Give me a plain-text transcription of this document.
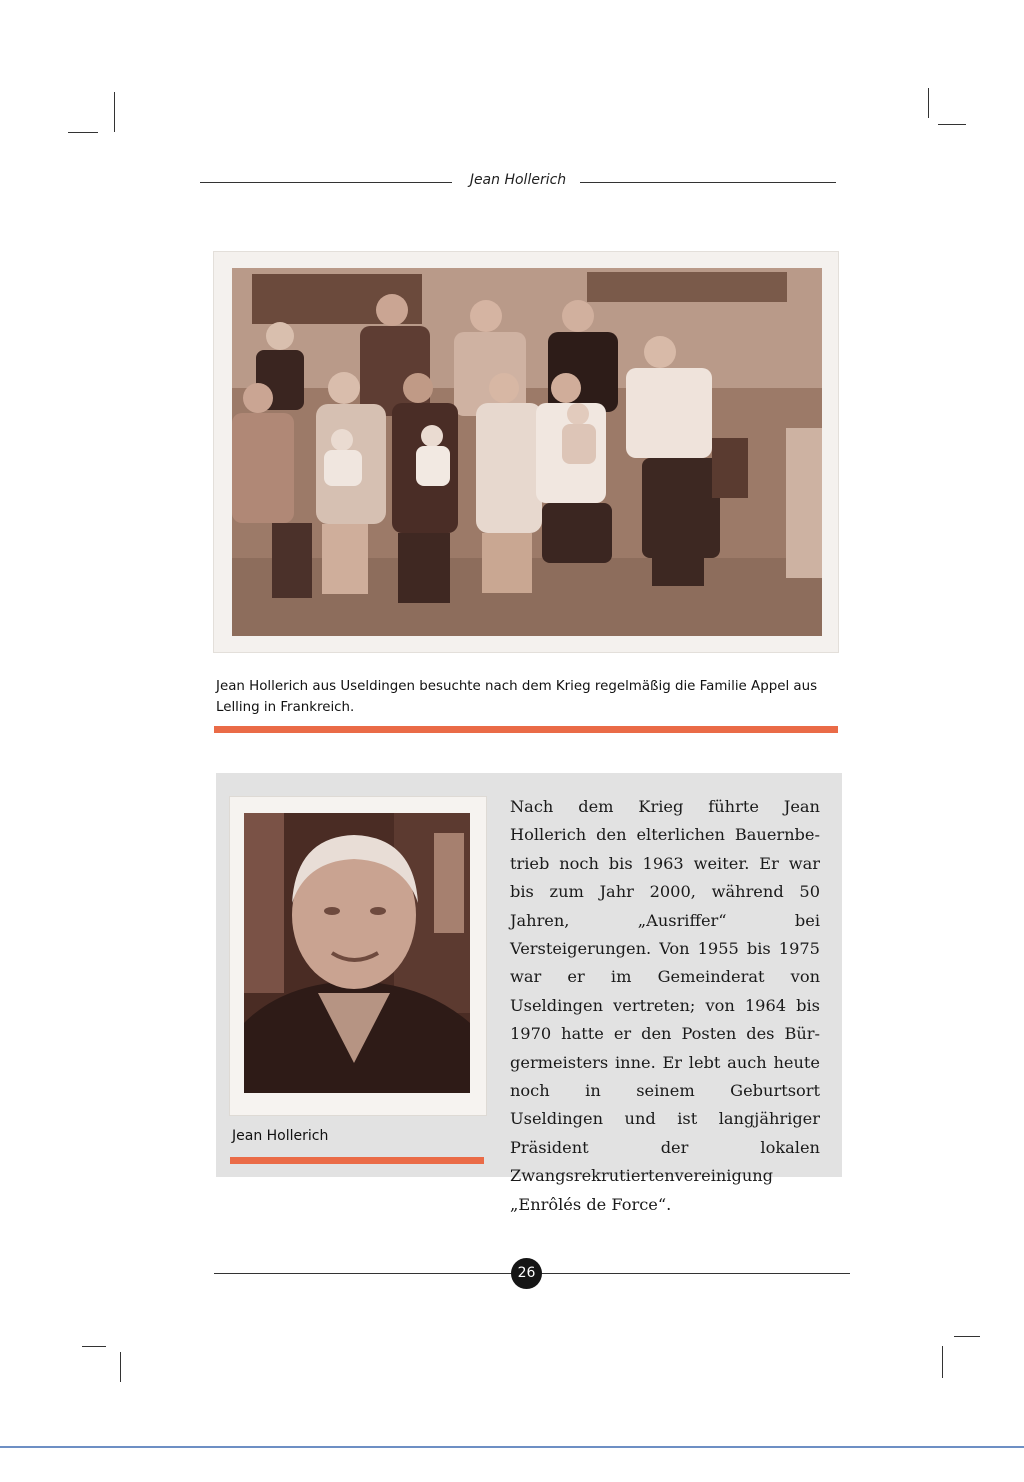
Jean Hollerich
Jean Hollerich aus Useldingen besuchte nach dem Krieg regelmäßig die Familie Appel aus Lelling in Frankreich.
Jean Hollerich

Nach dem Krieg führte Jean Hollerich den elterlichen Bauernbetrieb noch bis 1963 weiter. Er war bis zum Jahr 2000, während 50 Jahren, „Ausriffer“ bei Versteigerungen. Von 1955 bis 1975 war er im Gemeinderat von Useldingen vertreten; von 1964 bis 1970 hatte er den Posten des Bürgermeisters inne. Er lebt auch heute noch in seinem Geburtsort Useldingen und ist langjähriger Präsident der lokalen Zwangsrekrutiertenvereinigung „Enrôlés de Force“.

26
